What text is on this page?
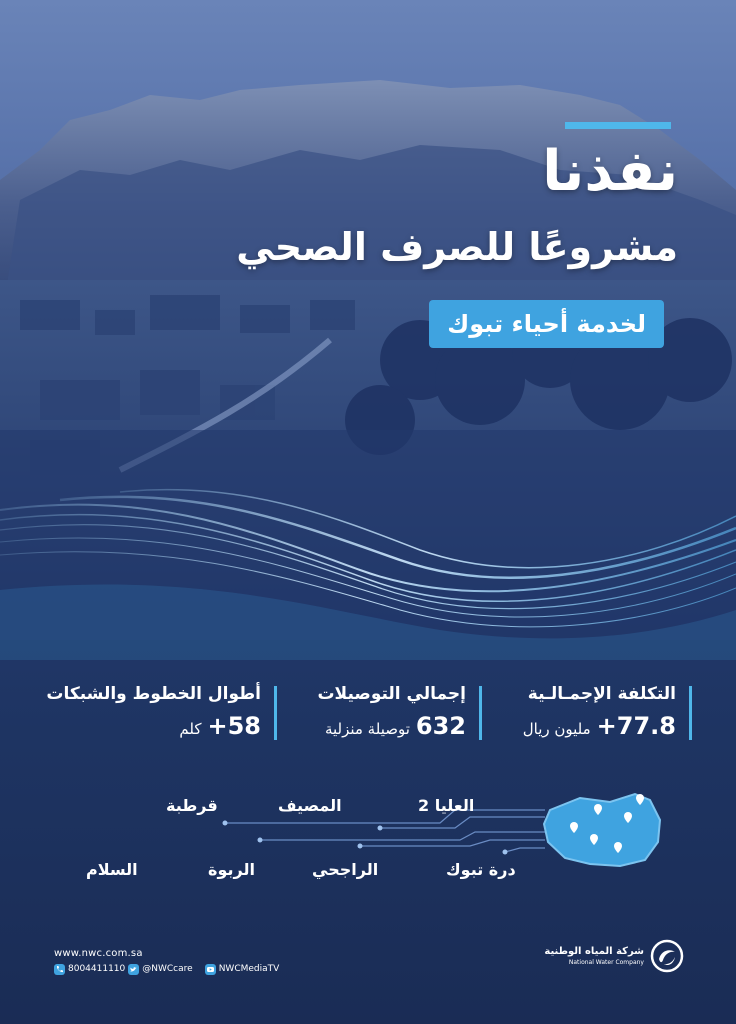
نفذنا
مشروعًا للصرف الصحي
لخدمة أحياء تبوك
التكلفة الإجمـالـية
+77.8مليون ريال
إجمالي التوصيلات
632توصيلة منزلية
أطوال الخطوط والشبكات
+58كلم
العليا 2
المصيف
قرطبة
درة تبوك
الراجحي
الربوة
السلام
www.nwc.com.sa
8004411110 @NWCcare	NWCMediaTV
شركة المياه الوطنية
National Water Company
